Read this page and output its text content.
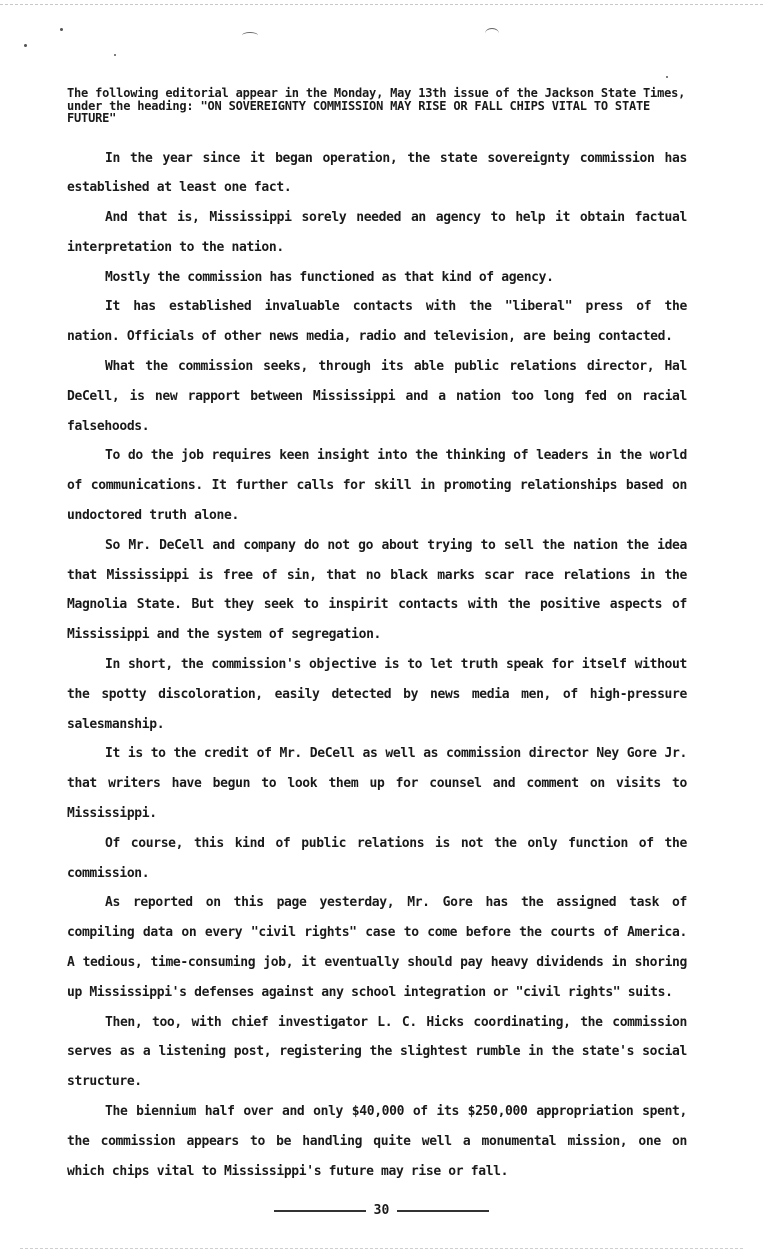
The following editorial appear in the Monday, May 13th issue of the Jackson State Times, under the heading: "ON SOVEREIGNTY COMMISSION MAY RISE OR FALL CHIPS VITAL TO STATE FUTURE"

In the year since it began operation, the state sovereignty commission has established at least one fact.

And that is, Mississippi sorely needed an agency to help it obtain factual interpretation to the nation.

Mostly the commission has functioned as that kind of agency.

It has established invaluable contacts with the "liberal" press of the nation. Officials of other news media, radio and television, are being contacted.

What the commission seeks, through its able public relations director, Hal DeCell, is new rapport between Mississippi and a nation too long fed on racial falsehoods.

To do the job requires keen insight into the thinking of leaders in the world of communications. It further calls for skill in promoting relationships based on undoctored truth alone.

So Mr. DeCell and company do not go about trying to sell the nation the idea that Mississippi is free of sin, that no black marks scar race relations in the Magnolia State. But they seek to inspirit contacts with the positive aspects of Mississippi and the system of segregation.

In short, the commission's objective is to let truth speak for itself without the spotty discoloration, easily detected by news media men, of high-pressure salesmanship.

It is to the credit of Mr. DeCell as well as commission director Ney Gore Jr. that writers have begun to look them up for counsel and comment on visits to Mississippi.

Of course, this kind of public relations is not the only function of the commission.

As reported on this page yesterday, Mr. Gore has the assigned task of compiling data on every "civil rights" case to come before the courts of America. A tedious, time-consuming job, it eventually should pay heavy dividends in shoring up Mississippi's defenses against any school integration or "civil rights" suits.

Then, too, with chief investigator L. C. Hicks coordinating, the commission serves as a listening post, registering the slightest rumble in the state's social structure.

The biennium half over and only $40,000 of its $250,000 appropriation spent, the commission appears to be handling quite well a monumental mission, one on which chips vital to Mississippi's future may rise or fall.

30
